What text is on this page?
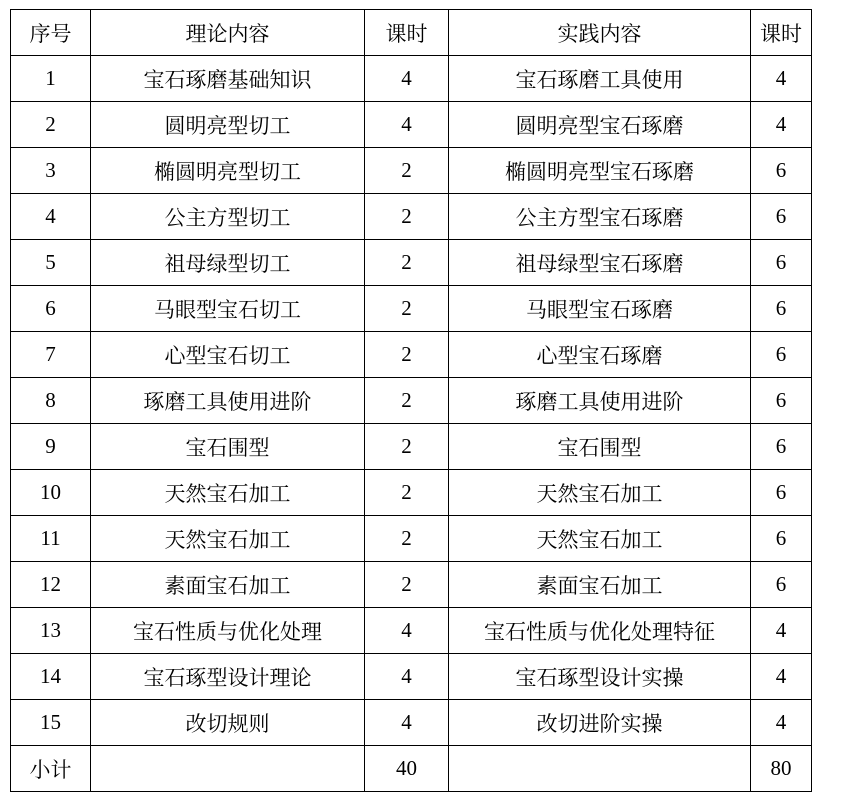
序号	理论内容	课时	实践内容	课时
1	宝石琢磨基础知识	4	宝石琢磨工具使用	4
2	圆明亮型切工	4	圆明亮型宝石琢磨	4
3	椭圆明亮型切工	2	椭圆明亮型宝石琢磨	6
4	公主方型切工	2	公主方型宝石琢磨	6
5	祖母绿型切工	2	祖母绿型宝石琢磨	6
6	马眼型宝石切工	2	马眼型宝石琢磨	6
7	心型宝石切工	2	心型宝石琢磨	6
8	琢磨工具使用进阶	2	琢磨工具使用进阶	6
9	宝石围型	2	宝石围型	6
10	天然宝石加工	2	天然宝石加工	6
11	天然宝石加工	2	天然宝石加工	6
12	素面宝石加工	2	素面宝石加工	6
13	宝石性质与优化处理	4	宝石性质与优化处理特征	4
14	宝石琢型设计理论	4	宝石琢型设计实操	4
15	改切规则	4	改切进阶实操	4
小计		40		80
